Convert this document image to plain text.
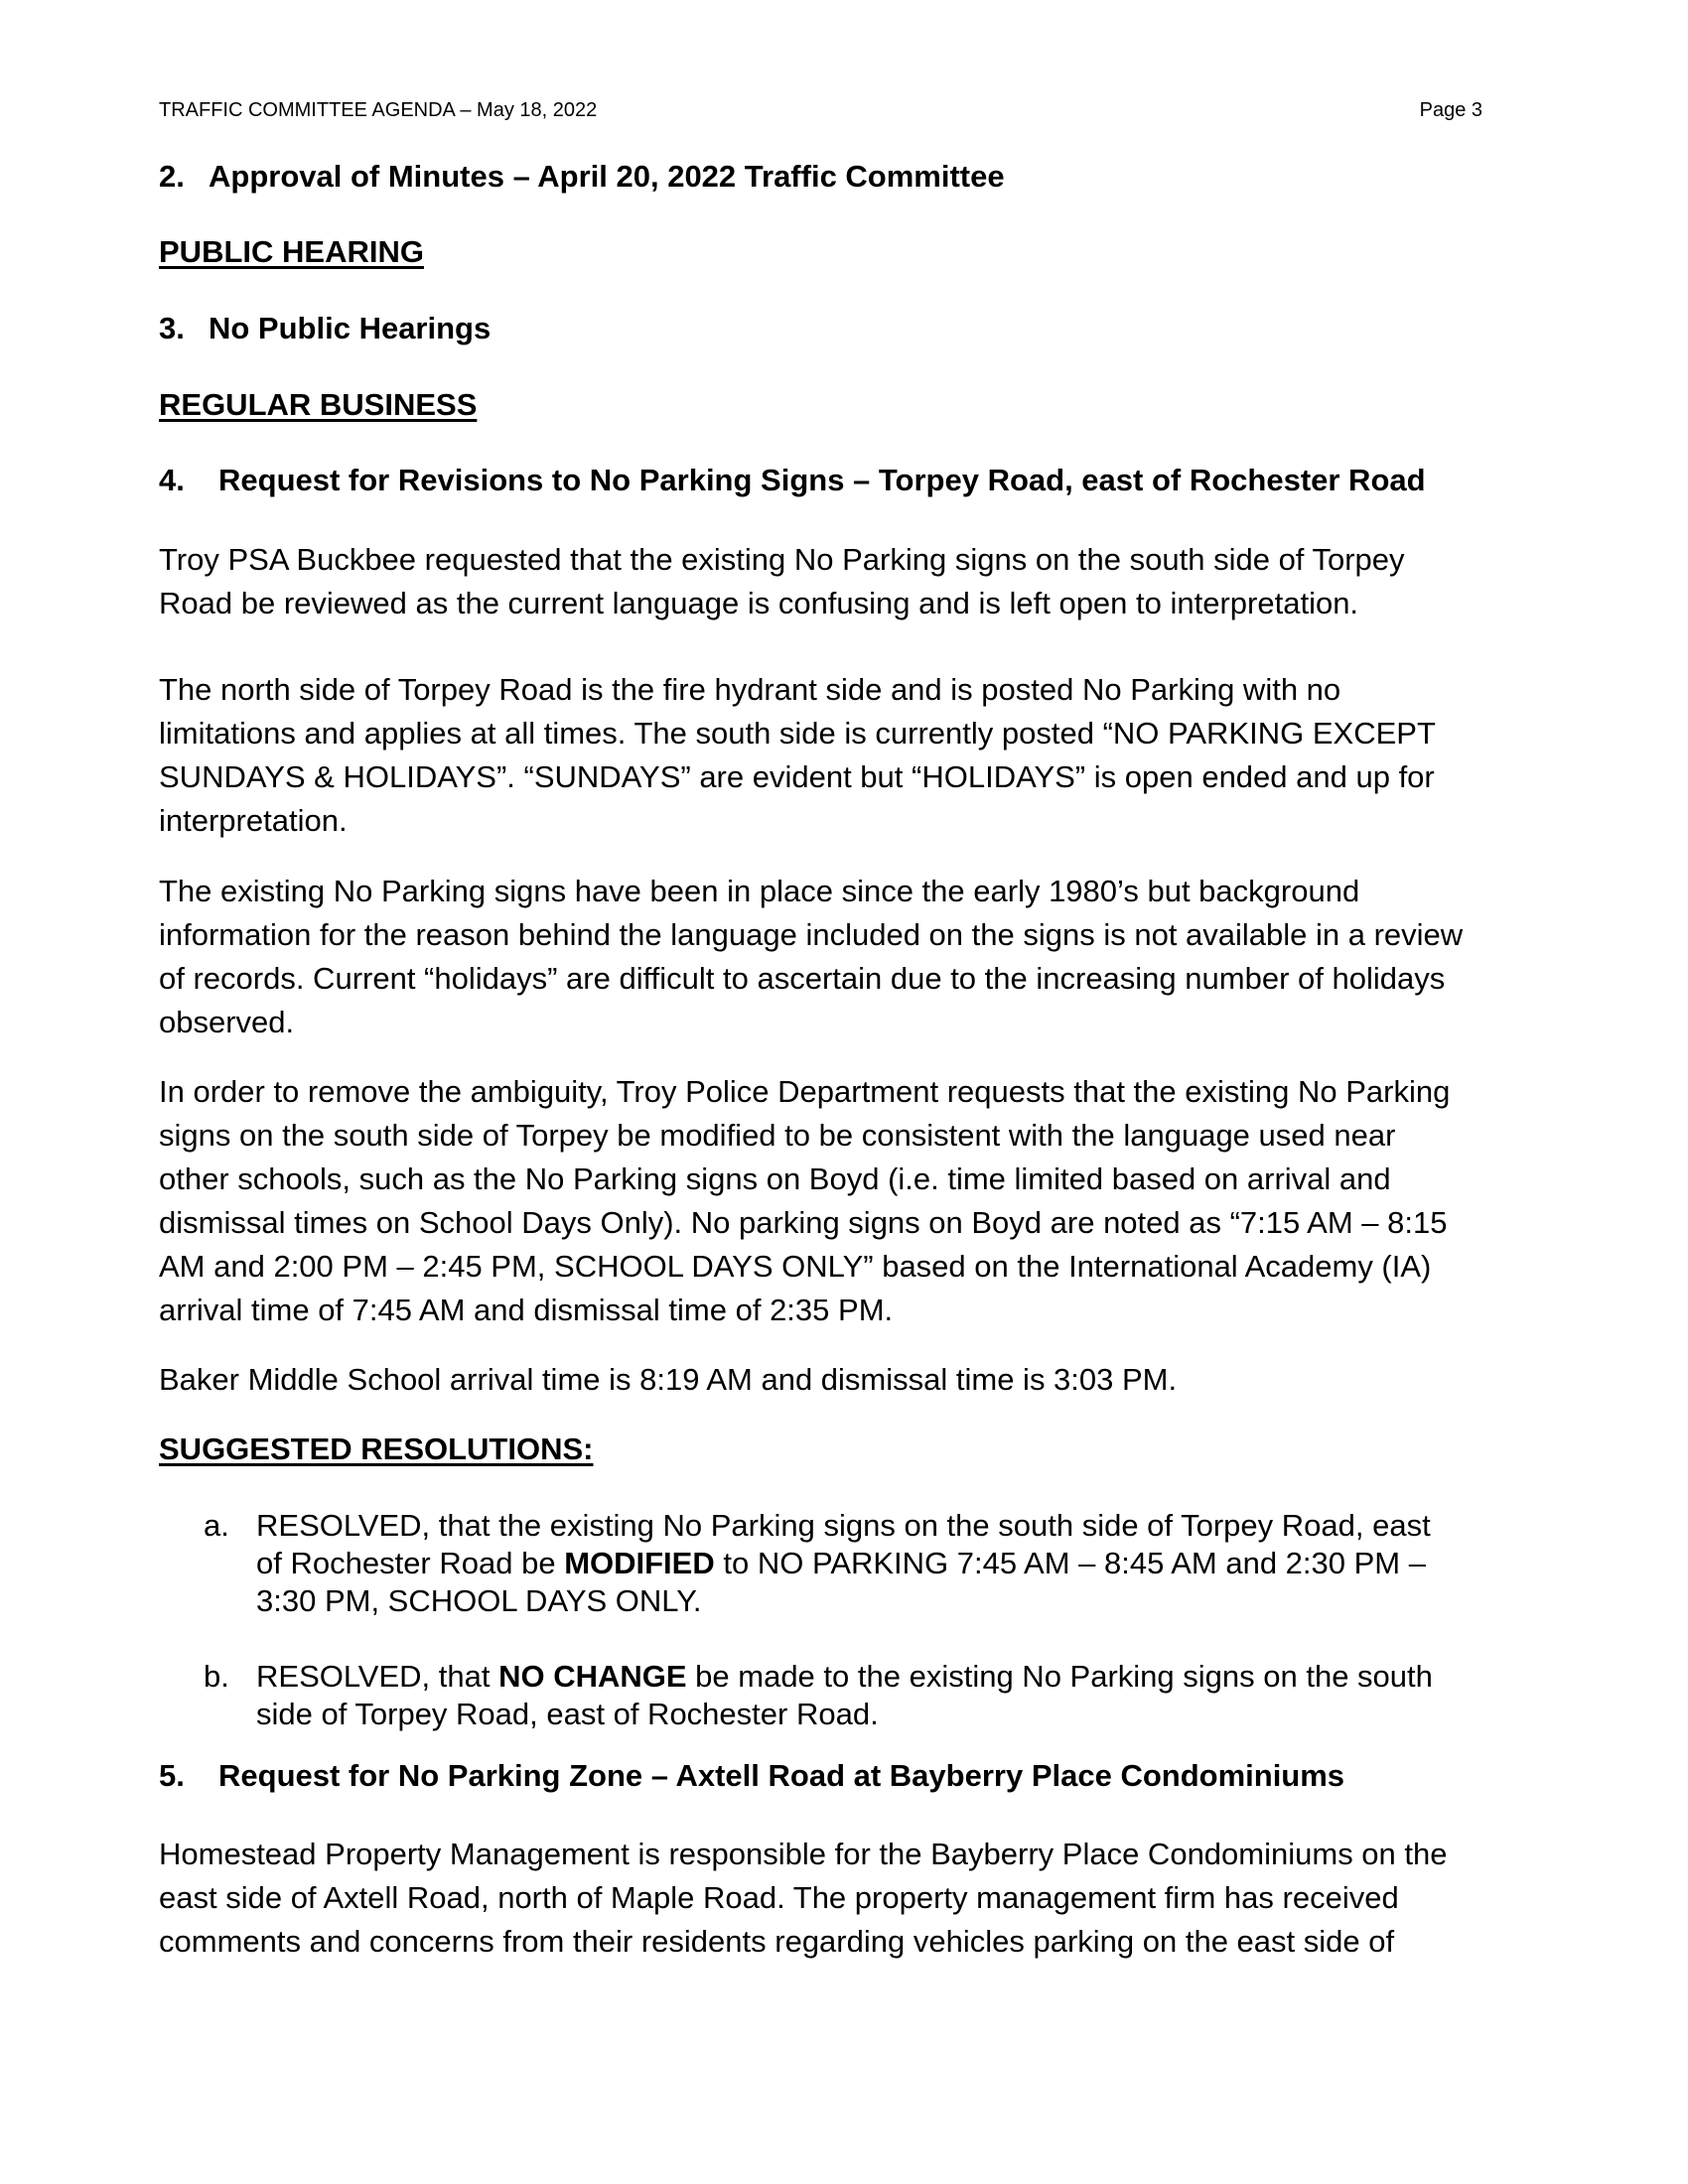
TRAFFIC COMMITTEE AGENDA – May 18, 2022	Page 3
2. Approval of Minutes – April 20, 2022 Traffic Committee
PUBLIC HEARING
3. No Public Hearings
REGULAR BUSINESS
4. Request for Revisions to No Parking Signs – Torpey Road, east of Rochester Road
Troy PSA Buckbee requested that the existing No Parking signs on the south side of Torpey
Road be reviewed as the current language is confusing and is left open to interpretation.
The north side of Torpey Road is the fire hydrant side and is posted No Parking with no
limitations and applies at all times. The south side is currently posted “NO PARKING EXCEPT
SUNDAYS & HOLIDAYS”. “SUNDAYS” are evident but “HOLIDAYS” is open ended and up for
interpretation.
The existing No Parking signs have been in place since the early 1980’s but background
information for the reason behind the language included on the signs is not available in a review
of records. Current “holidays” are difficult to ascertain due to the increasing number of holidays
observed.
In order to remove the ambiguity, Troy Police Department requests that the existing No Parking
signs on the south side of Torpey be modified to be consistent with the language used near
other schools, such as the No Parking signs on Boyd (i.e. time limited based on arrival and
dismissal times on School Days Only). No parking signs on Boyd are noted as “7:15 AM – 8:15
AM and 2:00 PM – 2:45 PM, SCHOOL DAYS ONLY” based on the International Academy (IA)
arrival time of 7:45 AM and dismissal time of 2:35 PM.
Baker Middle School arrival time is 8:19 AM and dismissal time is 3:03 PM.
SUGGESTED RESOLUTIONS:
a. RESOLVED, that the existing No Parking signs on the south side of Torpey Road, east
of Rochester Road be MODIFIED to NO PARKING 7:45 AM – 8:45 AM and 2:30 PM –
3:30 PM, SCHOOL DAYS ONLY.
b. RESOLVED, that NO CHANGE be made to the existing No Parking signs on the south
side of Torpey Road, east of Rochester Road.
5. Request for No Parking Zone – Axtell Road at Bayberry Place Condominiums
Homestead Property Management is responsible for the Bayberry Place Condominiums on the
east side of Axtell Road, north of Maple Road. The property management firm has received
comments and concerns from their residents regarding vehicles parking on the east side of
